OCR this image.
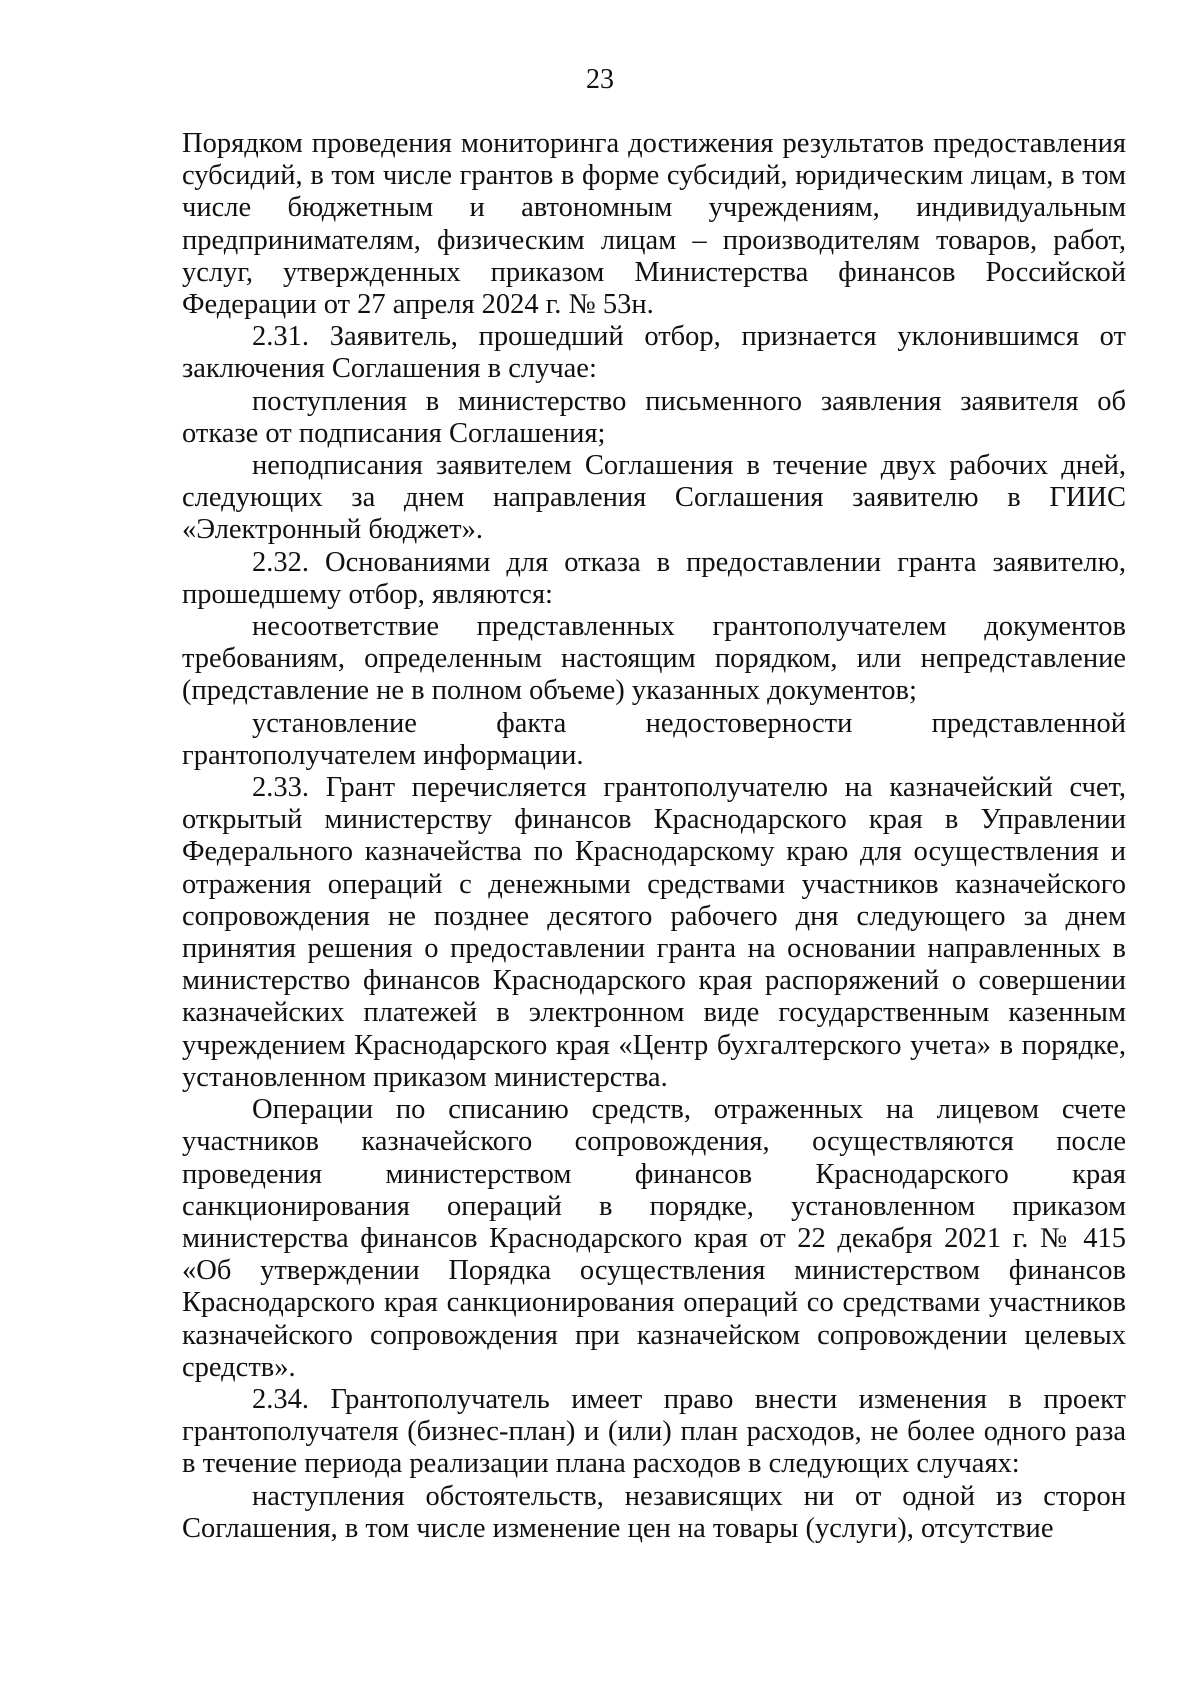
23

Порядком проведения мониторинга достижения результатов предоставления субсидий, в том числе грантов в форме субсидий, юридическим лицам, в том числе бюджетным и автономным учреждениям, индивидуальным предпринимателям, физическим лицам – производителям товаров, работ, услуг, утвержденных приказом Министерства финансов Российской Федерации от 27 апреля 2024 г. № 53н.

2.31. Заявитель, прошедший отбор, признается уклонившимся от заключения Соглашения в случае:

поступления в министерство письменного заявления заявителя об отказе от подписания Соглашения;

неподписания заявителем Соглашения в течение двух рабочих дней, следующих за днем направления Соглашения заявителю в ГИИС «Электронный бюджет».

2.32. Основаниями для отказа в предоставлении гранта заявителю, прошедшему отбор, являются:

несоответствие представленных грантополучателем документов требованиям, определенным настоящим порядком, или непредставление (представление не в полном объеме) указанных документов;

установление факта недостоверности представленной грантополучателем информации.

2.33. Грант перечисляется грантополучателю на казначейский счет, открытый министерству финансов Краснодарского края в Управлении Федерального казначейства по Краснодарскому краю для осуществления и отражения операций с денежными средствами участников казначейского сопровождения не позднее десятого рабочего дня следующего за днем принятия решения о предоставлении гранта на основании направленных в министерство финансов Краснодарского края распоряжений о совершении казначейских платежей в электронном виде государственным казенным учреждением Краснодарского края «Центр бухгалтерского учета» в порядке, установленном приказом министерства.

Операции по списанию средств, отраженных на лицевом счете участников казначейского сопровождения, осуществляются после проведения министерством финансов Краснодарского края санкционирования операций в порядке, установленном приказом министерства финансов Краснодарского края от 22 декабря 2021 г. № 415 «Об утверждении Порядка осуществления министерством финансов Краснодарского края санкционирования операций со средствами участников казначейского сопровождения при казначейском сопровождении целевых средств».

2.34. Грантополучатель имеет право внести изменения в проект грантополучателя (бизнес-план) и (или) план расходов, не более одного раза в течение периода реализации плана расходов в следующих случаях:

наступления обстоятельств, независящих ни от одной из сторон Соглашения, в том числе изменение цен на товары (услуги), отсутствие
